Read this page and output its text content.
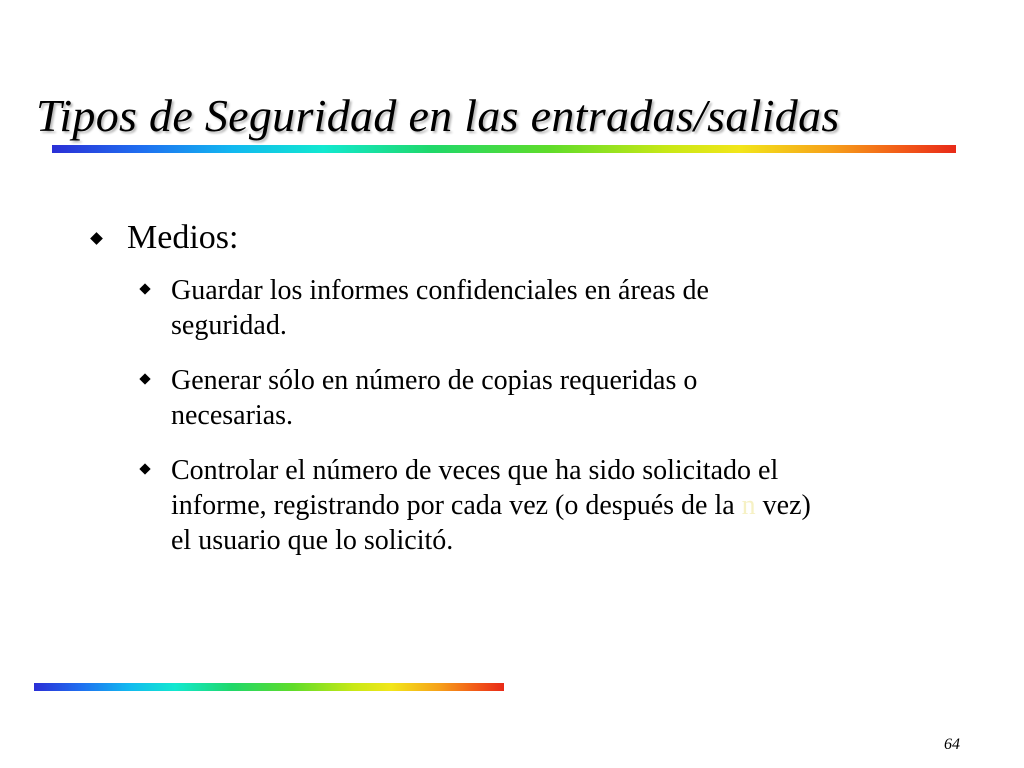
Tipos de Seguridad en las entradas/salidas

Medios:

Guardar los informes confidenciales en áreas de
seguridad.
Generar sólo en número de copias requeridas o
necesarias.
Controlar el número de veces que ha sido solicitado el
informe, registrando por cada vez (o después de la n vez)
el usuario que lo solicitó.
64
